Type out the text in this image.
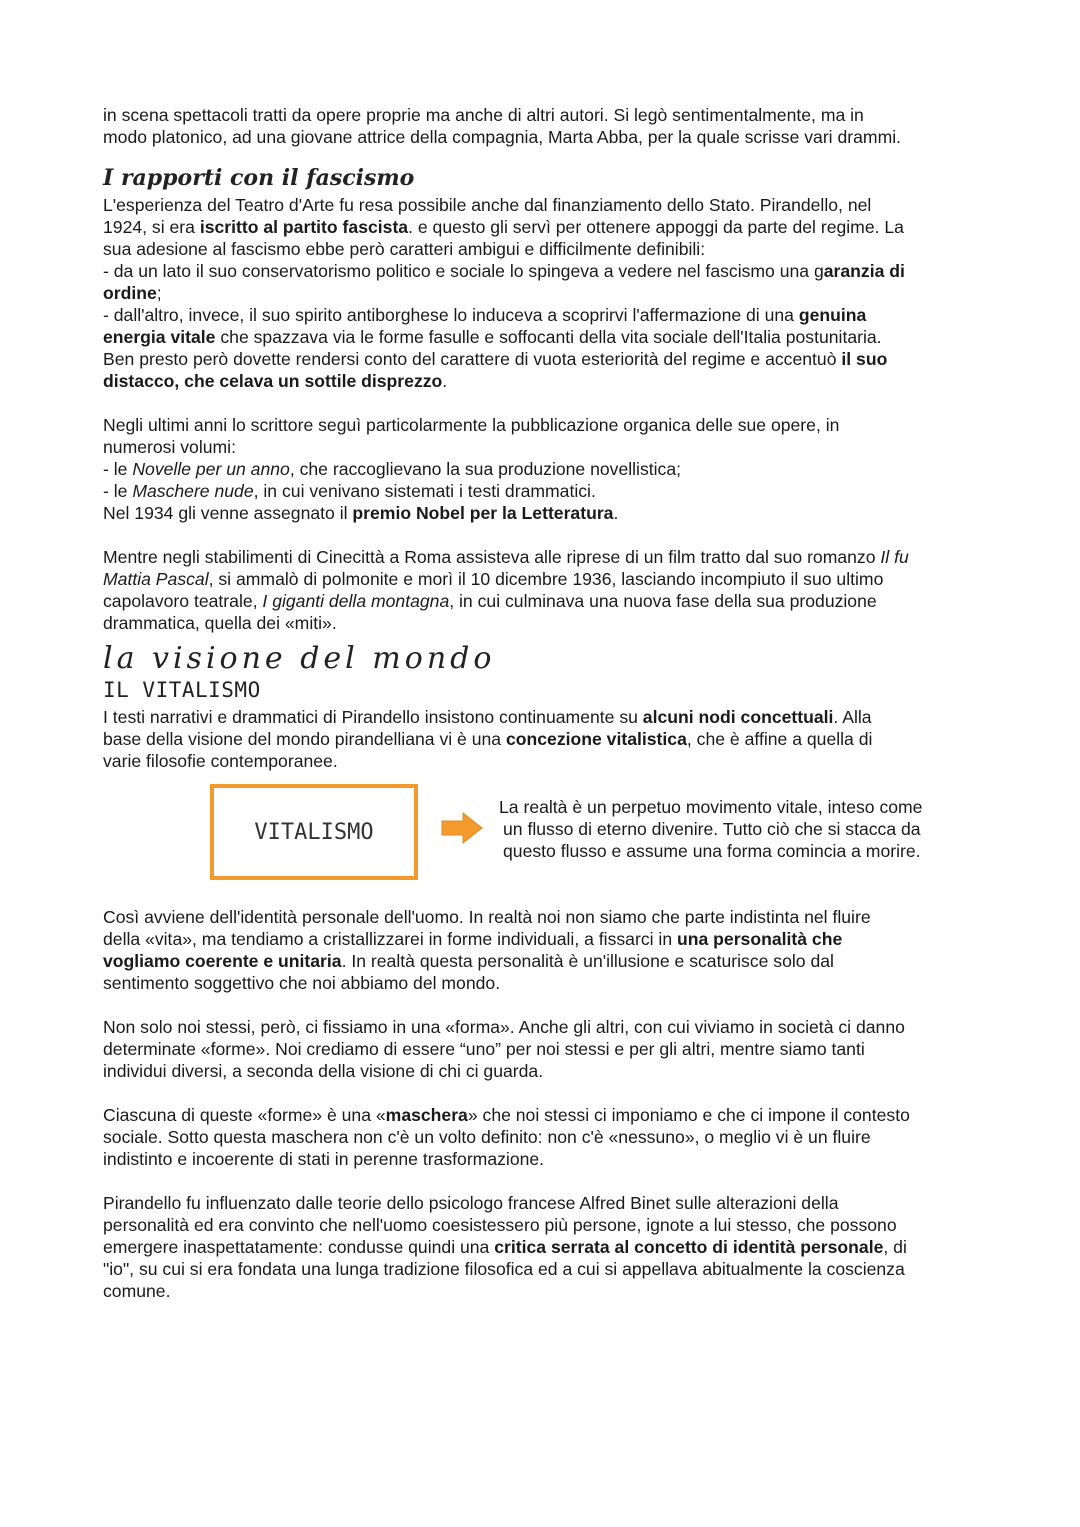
in scena spettacoli tratti da opere proprie ma anche di altri autori. Si legò sentimentalmente, ma in

modo platonico, ad una giovane attrice della compagnia, Marta Abba, per la quale scrisse vari drammi.

I rapporti con il fascismo

L'esperienza del Teatro d'Arte fu resa possibile anche dal finanziamento dello Stato. Pirandello, nel

1924, si era iscritto al partito fascista. e questo gli servì per ottenere appoggi da parte del regime. La

sua adesione al fascismo ebbe però caratteri ambigui e difficilmente definibili:

- da un lato il suo conservatorismo politico e sociale lo spingeva a vedere nel fascismo una garanzia di

ordine;

- dall'altro, invece, il suo spirito antiborghese lo induceva a scoprirvi l'affermazione di una genuina

energia vitale che spazzava via le forme fasulle e soffocanti della vita sociale dell'Italia postunitaria.

Ben presto però dovette rendersi conto del carattere di vuota esteriorità del regime e accentuò il suo

distacco, che celava un sottile disprezzo.

Negli ultimi anni lo scrittore seguì particolarmente la pubblicazione organica delle sue opere, in

numerosi volumi:

- le Novelle per un anno, che raccoglievano la sua produzione novellistica;

- le Maschere nude, in cui venivano sistemati i testi drammatici.

Nel 1934 gli venne assegnato il premio Nobel per la Letteratura.

Mentre negli stabilimenti di Cinecittà a Roma assisteva alle riprese di un film tratto dal suo romanzo Il fu

Mattia Pascal, si ammalò di polmonite e morì il 10 dicembre 1936, lasciando incompiuto il suo ultimo

capolavoro teatrale, I giganti della montagna, in cui culminava una nuova fase della sua produzione

drammatica, quella dei «miti».

la visione del mondo
IL VITALISMO

I testi narrativi e drammatici di Pirandello insistono continuamente su alcuni nodi concettuali. Alla

base della visione del mondo pirandelliana vi è una concezione vitalistica, che è affine a quella di

varie filosofie contemporanee.

VITALISMO
La realtà è un perpetuo movimento vitale, inteso come
un flusso di eterno divenire. Tutto ciò che si stacca da
questo flusso e assume una forma comincia a morire.

Così avviene dell'identità personale dell'uomo. In realtà noi non siamo che parte indistinta nel fluire

della «vita», ma tendiamo a cristallizzarei in forme individuali, a fissarci in una personalità che

vogliamo coerente e unitaria. In realtà questa personalità è un'illusione e scaturisce solo dal

sentimento soggettivo che noi abbiamo del mondo.

Non solo noi stessi, però, ci fissiamo in una «forma». Anche gli altri, con cui viviamo in società ci danno

determinate «forme». Noi crediamo di essere “uno” per noi stessi e per gli altri, mentre siamo tanti

individui diversi, a seconda della visione di chi ci guarda.

Ciascuna di queste «forme» è una «maschera» che noi stessi ci imponiamo e che ci impone il contesto

sociale. Sotto questa maschera non c'è un volto definito: non c'è «nessuno», o meglio vi è un fluire

indistinto e incoerente di stati in perenne trasformazione.

Pirandello fu influenzato dalle teorie dello psicologo francese Alfred Binet sulle alterazioni della

personalità ed era convinto che nell'uomo coesistessero più persone, ignote a lui stesso, che possono

emergere inaspettatamente: condusse quindi una critica serrata al concetto di identità personale, di

"io", su cui si era fondata una lunga tradizione filosofica ed a cui si appellava abitualmente la coscienza

comune.
